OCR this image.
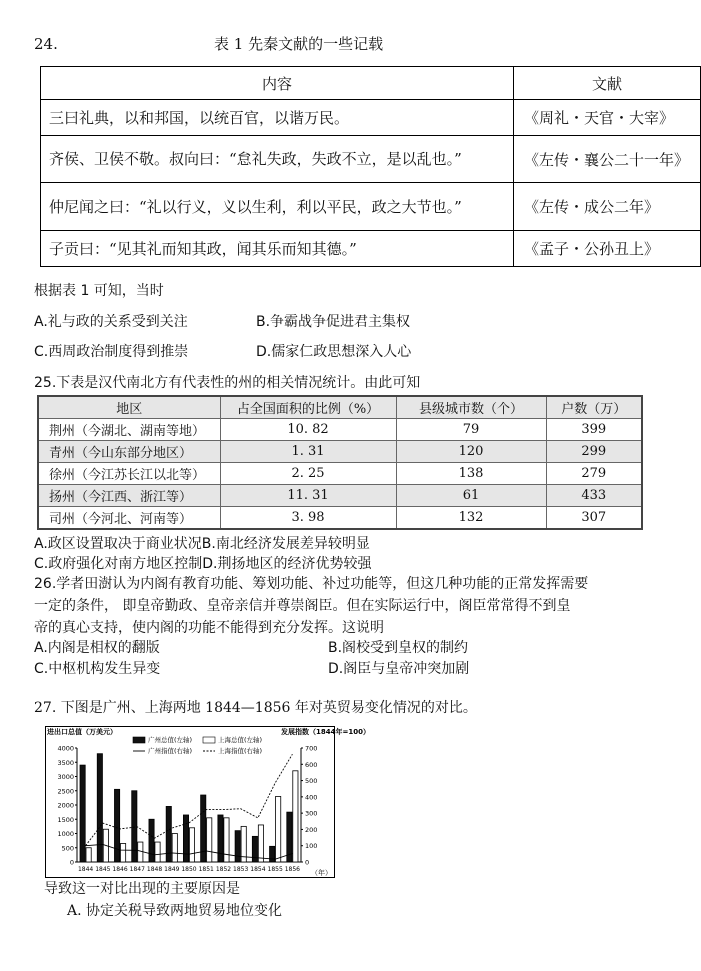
24.	表 1 先秦文献的一些记载
内容	文献
三曰礼典，以和邦国，以统百官，以谐万民。	《周礼・天官・大宰》
齐侯、卫侯不敬。叔向曰：“怠礼失政，失政不立，是以乱也。”	《左传・襄公二十一年》
仲尼闻之曰：“礼以行义，义以生利，利以平民，政之大节也。”	《左传・成公二年》
子贡曰：“见其礼而知其政，闻其乐而知其德。”	《孟子・公孙丑上》
根据表 1 可知，当时
A.礼与政的关系受到关注	B.争霸战争促进君主集权
C.西周政治制度得到推崇	D.儒家仁政思想深入人心
25.下表是汉代南北方有代表性的州的相关情况统计。由此可知
地区	占全国面积的比例（%）	县级城市数（个）	户数（万）
荆州（今湖北、湖南等地）	10. 82	79	399
青州（今山东部分地区）	1. 31	120	299
徐州（今江苏长江以北等）	2. 25	138	279
扬州（今江西、浙江等）	11. 31	61	433
司州（今河北、河南等）	3. 98	132	307
A.政区设置取决于商业状况B.南北经济发展差异较明显
C.政府强化对南方地区控制D.荆扬地区的经济优势较强
26.学者田澍认为内阁有教育功能、筹划功能、补过功能等，但这几种功能的正常发挥需要
一定的条件， 即皇帝勤政、皇帝亲信并尊崇阁臣。但在实际运行中，阁臣常常得不到皇
帝的真心支持，使内阁的功能不能得到充分发挥。这说明
A.内阁是相权的翻版	B.阁校受到皇权的制约
C.中枢机构发生异变	D.阁臣与皇帝冲突加剧
27. 下图是广州、上海两地 1844—1856 年对英贸易变化情况的对比。
进出口总值（万美元）	发展指数（1844年=100）
（年）
0
500
1000
1500
2000
2500
3000
3500
4000
0
100
200
300
400
500
600
700
1844 1845 1846 1847 1848 1849 1850 1851 1852 1853 1854 1855 1856
广州总值(左轴)	上海总值(左轴)
广州指值(右轴)	上海指值(右轴)
导致这一对比出现的主要原因是
A. 协定关税导致两地贸易地位变化
